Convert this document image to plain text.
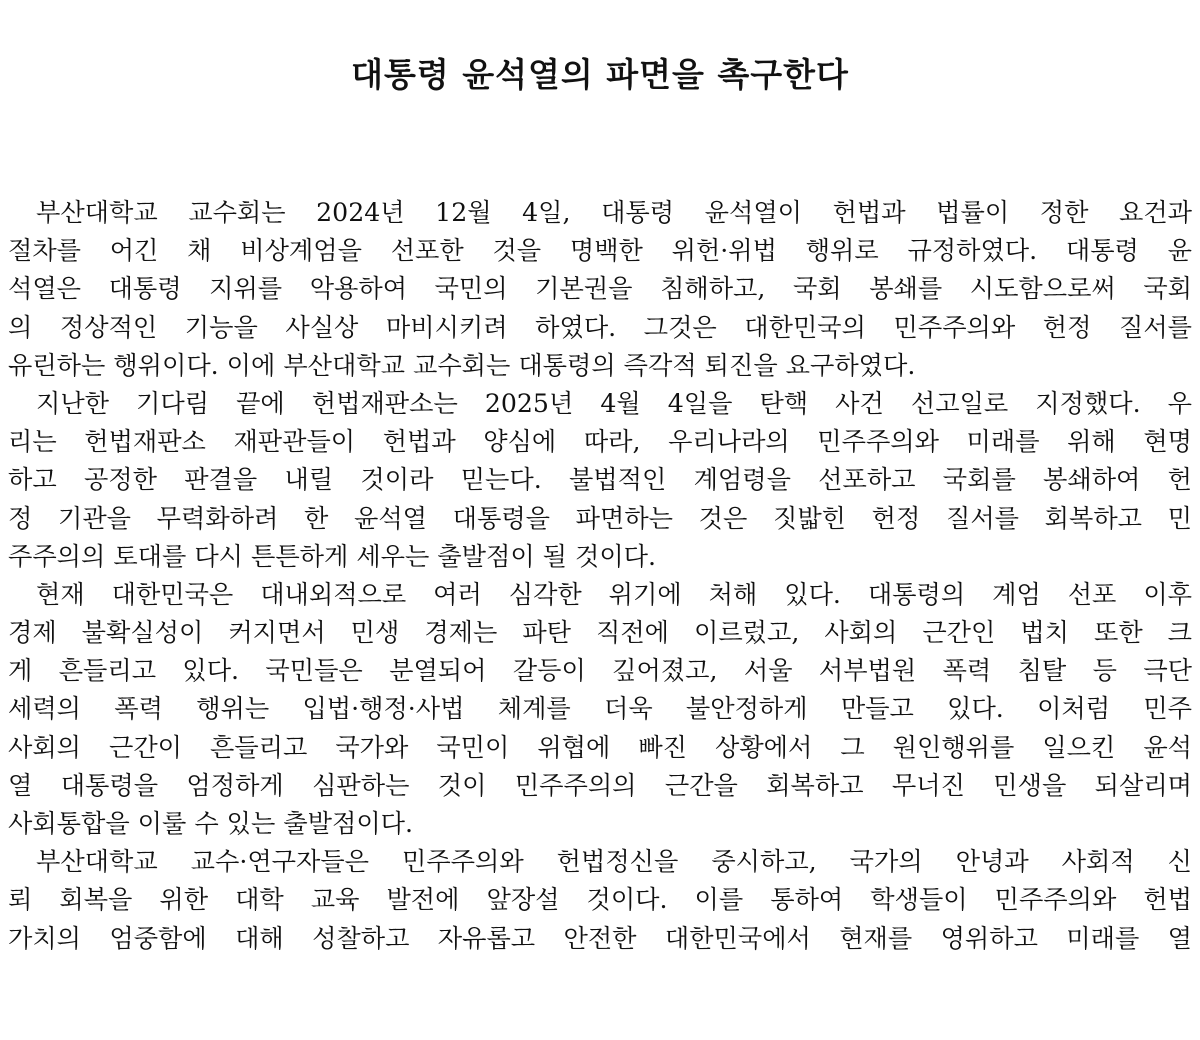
대통령 윤석열의 파면을 촉구한다
부산대학교 교수회는 2024년 12월 4일, 대통령 윤석열이 헌법과 법률이 정한 요건과
절차를 어긴 채 비상계엄을 선포한 것을 명백한 위헌·위법 행위로 규정하였다. 대통령 윤
석열은 대통령 지위를 악용하여 국민의 기본권을 침해하고, 국회 봉쇄를 시도함으로써 국회
의 정상적인 기능을 사실상 마비시키려 하였다. 그것은 대한민국의 민주주의와 헌정 질서를
유린하는 행위이다. 이에 부산대학교 교수회는 대통령의 즉각적 퇴진을 요구하였다.
지난한 기다림 끝에 헌법재판소는 2025년 4월 4일을 탄핵 사건 선고일로 지정했다. 우
리는 헌법재판소 재판관들이 헌법과 양심에 따라, 우리나라의 민주주의와 미래를 위해 현명
하고 공정한 판결을 내릴 것이라 믿는다. 불법적인 계엄령을 선포하고 국회를 봉쇄하여 헌
정 기관을 무력화하려 한 윤석열 대통령을 파면하는 것은 짓밟힌 헌정 질서를 회복하고 민
주주의의 토대를 다시 튼튼하게 세우는 출발점이 될 것이다.
현재 대한민국은 대내외적으로 여러 심각한 위기에 처해 있다. 대통령의 계엄 선포 이후
경제 불확실성이 커지면서 민생 경제는 파탄 직전에 이르렀고, 사회의 근간인 법치 또한 크
게 흔들리고 있다. 국민들은 분열되어 갈등이 깊어졌고, 서울 서부법원 폭력 침탈 등 극단
세력의 폭력 행위는 입법·행정·사법 체계를 더욱 불안정하게 만들고 있다. 이처럼 민주
사회의 근간이 흔들리고 국가와 국민이 위협에 빠진 상황에서 그 원인행위를 일으킨 윤석
열 대통령을 엄정하게 심판하는 것이 민주주의의 근간을 회복하고 무너진 민생을 되살리며
사회통합을 이룰 수 있는 출발점이다.
부산대학교 교수·연구자들은 민주주의와 헌법정신을 중시하고, 국가의 안녕과 사회적 신
뢰 회복을 위한 대학 교육 발전에 앞장설 것이다. 이를 통하여 학생들이 민주주의와 헌법
가치의 엄중함에 대해 성찰하고 자유롭고 안전한 대한민국에서 현재를 영위하고 미래를 열
